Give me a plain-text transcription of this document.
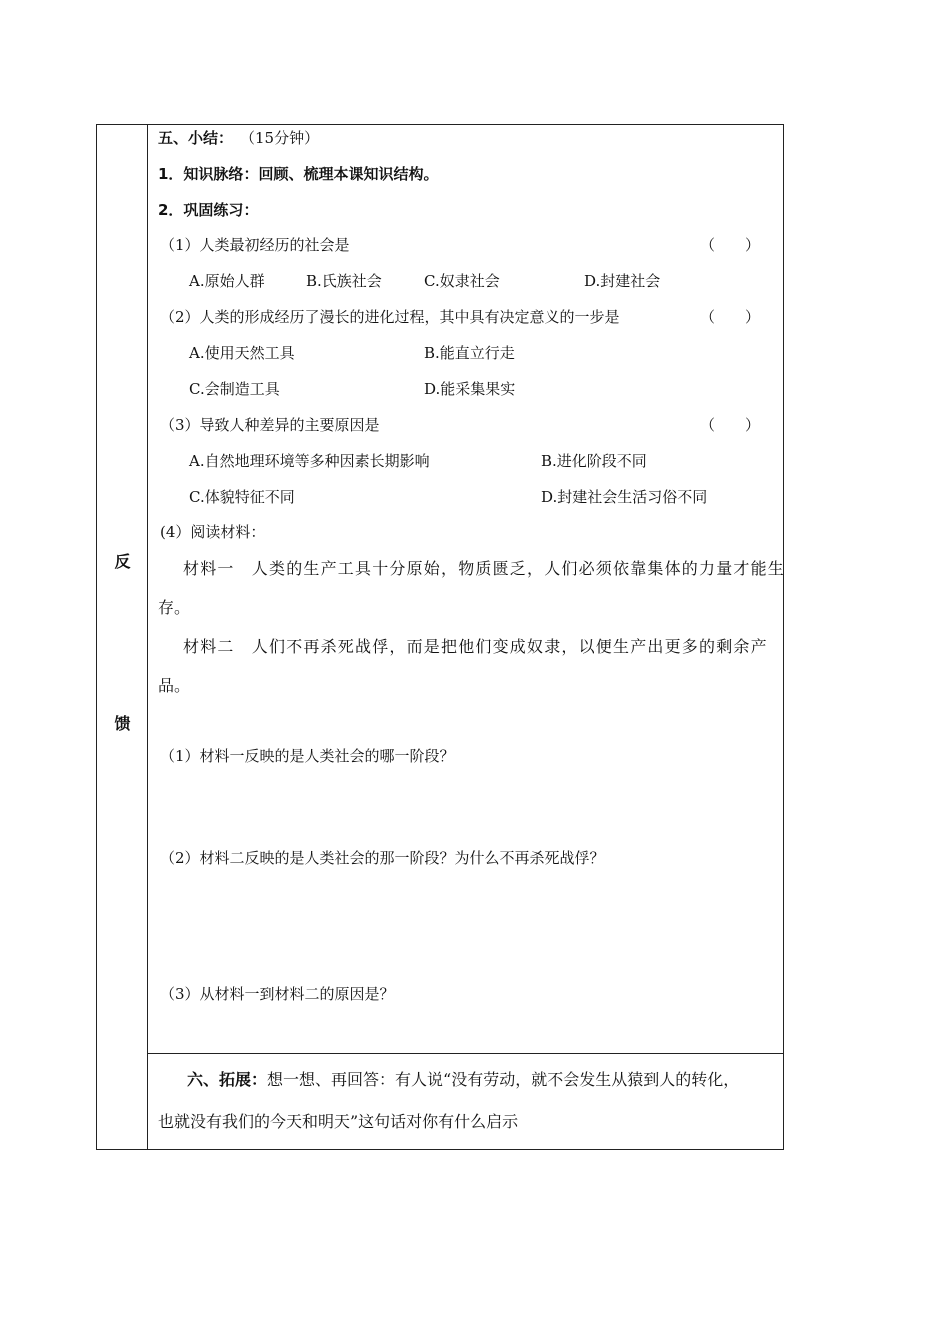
反
馈
五、小结： （15分钟）
1．知识脉络：回顾、梳理本课知识结构。
2．巩固练习：
（1）人类最初经历的社会是	（　　）
A.原始人群	B.氏族社会	C.奴隶社会	D.封建社会
（2）人类的形成经历了漫长的进化过程，其中具有决定意义的一步是	（　　）
A.使用天然工具	B.能直立行走
C.会制造工具	D.能采集果实
（3）导致人种差异的主要原因是	（　　）
A.自然地理环境等多种因素长期影响	B.进化阶段不同
C.体貌特征不同	D.封建社会生活习俗不同
(4）阅读材料：
材料一　人类的生产工具十分原始，物质匮乏，人们必须依靠集体的力量才能生
存。
材料二　人们不再杀死战俘，而是把他们变成奴隶，以便生产出更多的剩余产
品。
（1）材料一反映的是人类社会的哪一阶段？
（2）材料二反映的是人类社会的那一阶段？为什么不再杀死战俘？
（3）从材料一到材料二的原因是？
六、拓展：想一想、再回答：有人说“没有劳动，就不会发生从猿到人的转化，
也就没有我们的今天和明天”这句话对你有什么启示
